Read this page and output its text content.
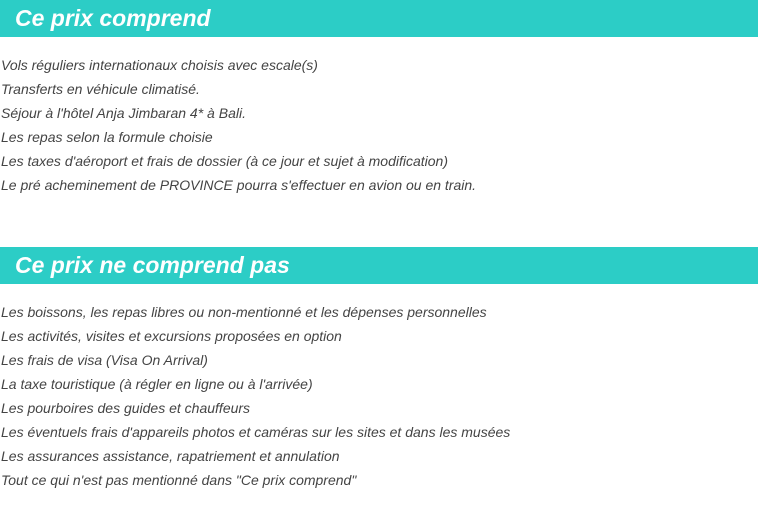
Ce prix comprend
Vols réguliers internationaux choisis avec escale(s)
Transferts en véhicule climatisé.
Séjour à l'hôtel Anja Jimbaran 4* à Bali.
Les repas selon la formule choisie
Les taxes d'aéroport et frais de dossier (à ce jour et sujet à modification)
Le pré acheminement de PROVINCE pourra s'effectuer en avion ou en train.
Ce prix ne comprend pas
Les boissons, les repas libres ou non-mentionné et les dépenses personnelles
Les activités, visites et excursions proposées en option
Les frais de visa (Visa On Arrival)
La taxe touristique (à régler en ligne ou à l'arrivée)
Les pourboires des guides et chauffeurs
Les éventuels frais d'appareils photos et caméras sur les sites et dans les musées
Les assurances assistance, rapatriement et annulation
Tout ce qui n'est pas mentionné dans "Ce prix comprend"
